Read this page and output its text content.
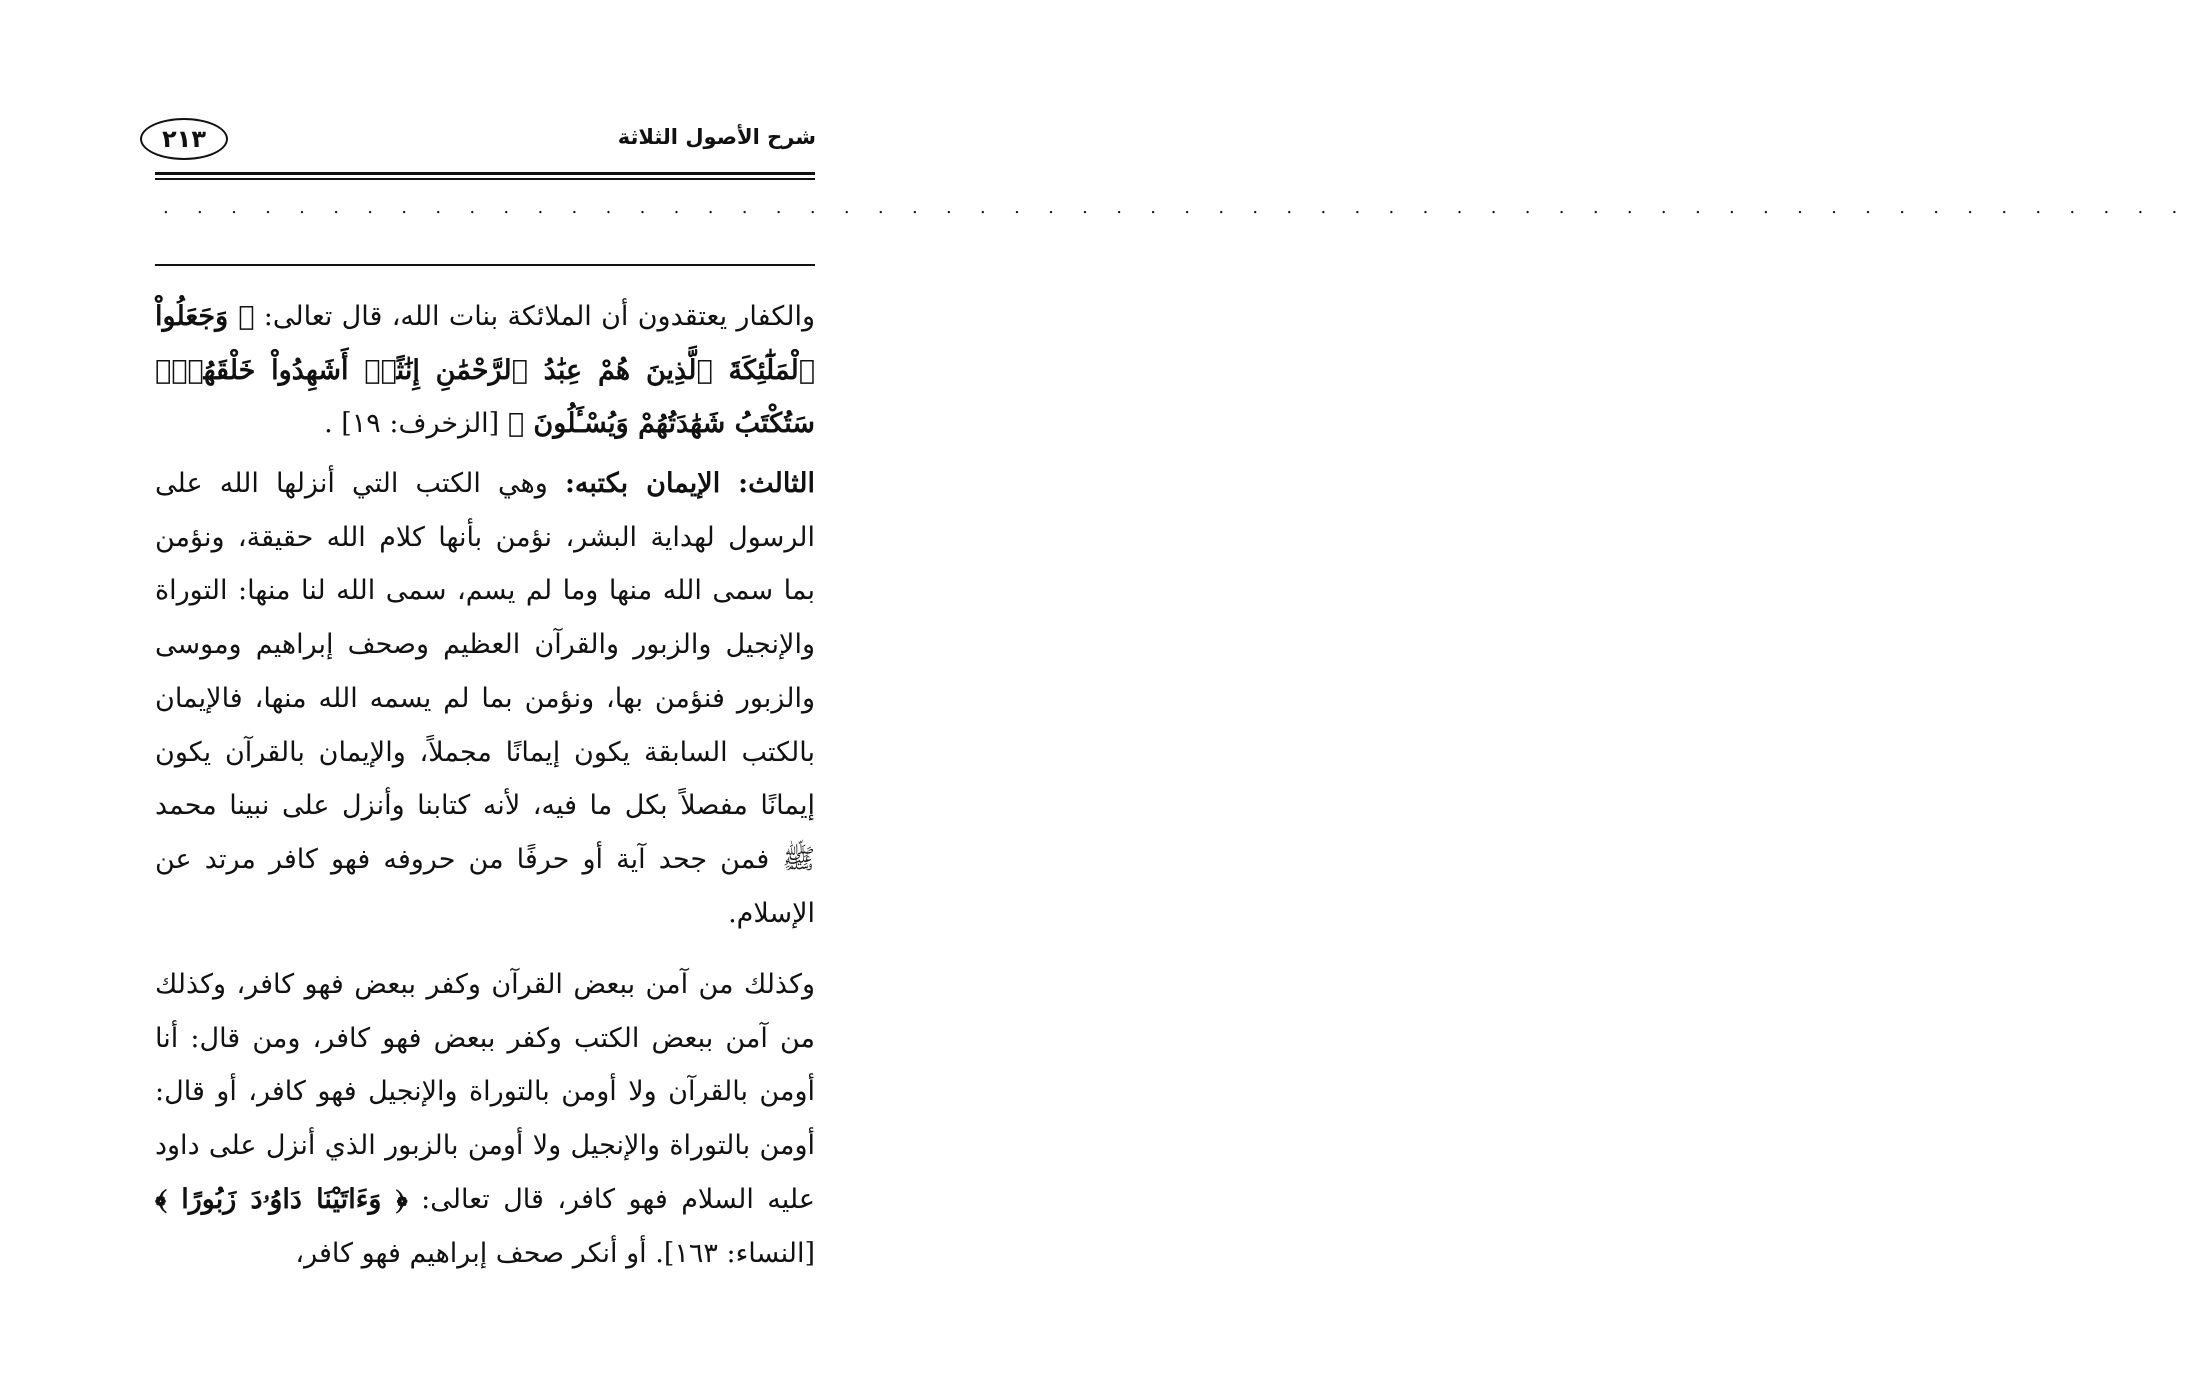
شرح الأصول الثلاثة
٢١٣
. . . . . . . . . . . . . . . . . . . . . . . . . . . . . . . . . . . . . . . . . . . . . . . . . . . . . . . . . . . .

والكفار يعتقدون أن الملائكة بنات الله، قال تعالى: ﴿ وَجَعَلُواْ ٱلْمَلَٰٓئِكَةَ ٱلَّذِينَ هُمْ عِبَٰدُ ٱلرَّحْمَٰنِ إِنَٰثًاۚ أَشَهِدُواْ خَلْقَهُمْۚ سَتُكْتَبُ شَهَٰدَتُهُمْ وَيُسْـَٔلُونَ ﴾ [الزخرف: ١٩] .

الثالث: الإيمان بكتبه: وهي الكتب التي أنزلها الله على الرسول لهداية البشر، نؤمن بأنها كلام الله حقيقة، ونؤمن بما سمى الله منها وما لم يسم، سمى الله لنا منها: التوراة والإنجيل والزبور والقرآن العظيم وصحف إبراهيم وموسى والزبور فنؤمن بها، ونؤمن بما لم يسمه الله منها، فالإيمان بالكتب السابقة يكون إيمانًا مجملاً، والإيمان بالقرآن يكون إيمانًا مفصلاً بكل ما فيه، لأنه كتابنا وأنزل على نبينا محمد ﷺ فمن جحد آية أو حرفًا من حروفه فهو كافر مرتد عن الإسلام.

وكذلك من آمن ببعض القرآن وكفر ببعض فهو كافر، وكذلك من آمن ببعض الكتب وكفر ببعض فهو كافر، ومن قال: أنا أومن بالقرآن ولا أومن بالتوراة والإنجيل فهو كافر، أو قال: أومن بالتوراة والإنجيل ولا أومن بالزبور الذي أنزل على داود عليه السلام فهو كافر، قال تعالى: ﴿ وَءَاتَيْنَا دَاوُۥدَ زَبُورًا ﴾ [النساء: ١٦٣]. أو أنكر صحف إبراهيم فهو كافر،
